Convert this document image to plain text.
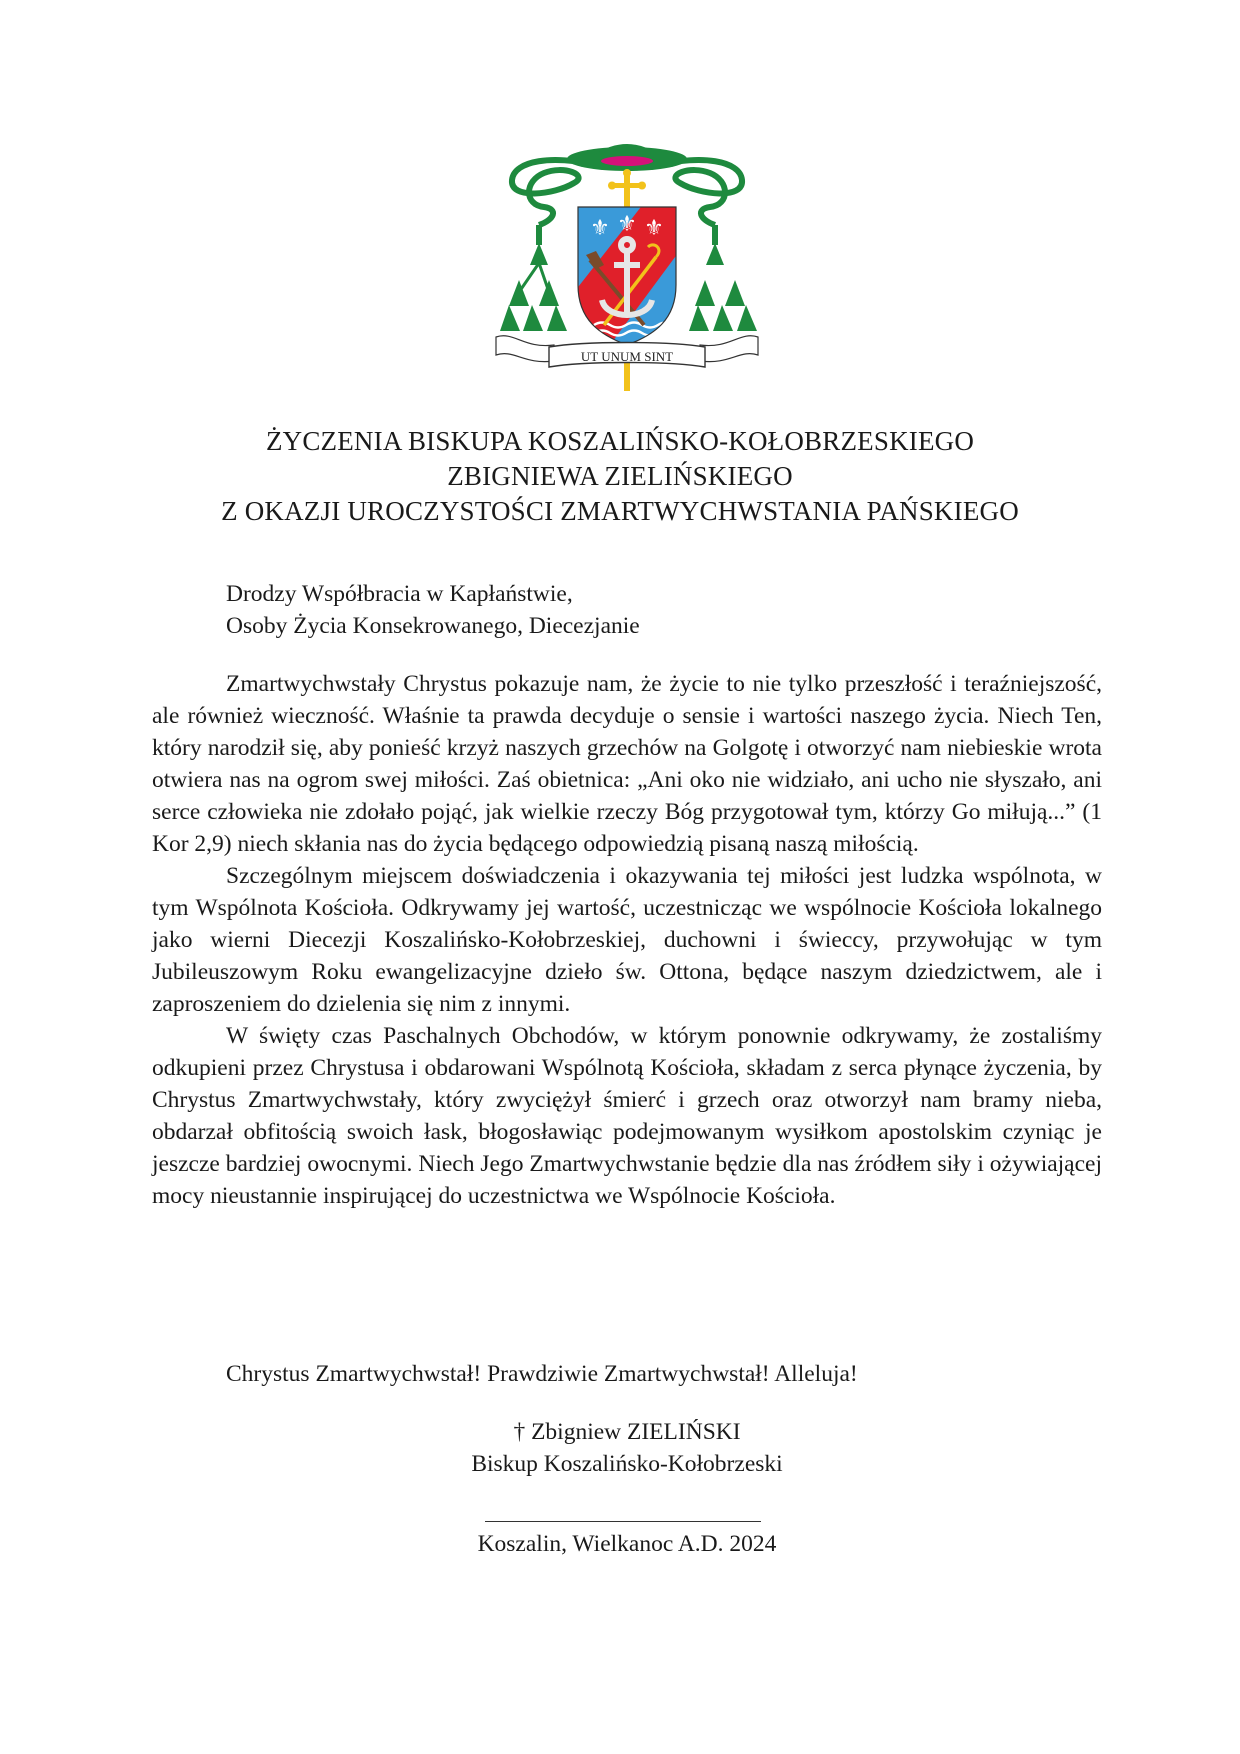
⚜ ⚜ ⚜
UT UNUM SINT
ŻYCZENIA BISKUPA KOSZALIŃSKO-KOŁOBRZESKIEGO
ZBIGNIEWA ZIELIŃSKIEGO
Z OKAZJI UROCZYSTOŚCI ZMARTWYCHWSTANIA PAŃSKIEGO
Drodzy Współbracia w Kapłaństwie,
Osoby Życia Konsekrowanego, Diecezjanie

Zmartwychwstały Chrystus pokazuje nam, że życie to nie tylko przeszłość i teraźniejszość, ale również wieczność. Właśnie ta prawda decyduje o sensie i wartości naszego życia. Niech Ten, który narodził się, aby ponieść krzyż naszych grzechów na Golgotę i otworzyć nam niebieskie wrota otwiera nas na ogrom swej miłości. Zaś obietnica: „Ani oko nie widziało, ani ucho nie słyszało, ani serce człowieka nie zdołało pojąć, jak wielkie rzeczy Bóg przygotował tym, którzy Go miłują...” (1 Kor 2,9) niech skłania nas do życia będącego odpowiedzią pisaną naszą miłością.

Szczególnym miejscem doświadczenia i okazywania tej miłości jest ludzka wspólnota, w tym Wspólnota Kościoła. Odkrywamy jej wartość, uczestnicząc we wspólnocie Kościoła lokalnego jako wierni Diecezji Koszalińsko-Kołobrzeskiej, duchowni i świeccy, przywołując w tym Jubileuszowym Roku ewangelizacyjne dzieło św. Ottona, będące naszym dziedzictwem, ale i zaproszeniem do dzielenia się nim z innymi.

W święty czas Paschalnych Obchodów, w którym ponownie odkrywamy, że zostaliśmy odkupieni przez Chrystusa i obdarowani Wspólnotą Kościoła, składam z serca płynące życzenia, by Chrystus Zmartwychwstały, który zwyciężył śmierć i grzech oraz otworzył nam bramy nieba, obdarzał obfitością swoich łask, błogosławiąc podejmowanym wysiłkom apostolskim czyniąc je jeszcze bardziej owocnymi. Niech Jego Zmartwychwstanie będzie dla nas źródłem siły i ożywiającej mocy nieustannie inspirującej do uczestnictwa we Wspólnocie Kościoła.

Chrystus Zmartwychwstał! Prawdziwie Zmartwychwstał! Alleluja!
† Zbigniew ZIELIŃSKI
Biskup Koszalińsko-Kołobrzeski
Koszalin, Wielkanoc A.D. 2024
